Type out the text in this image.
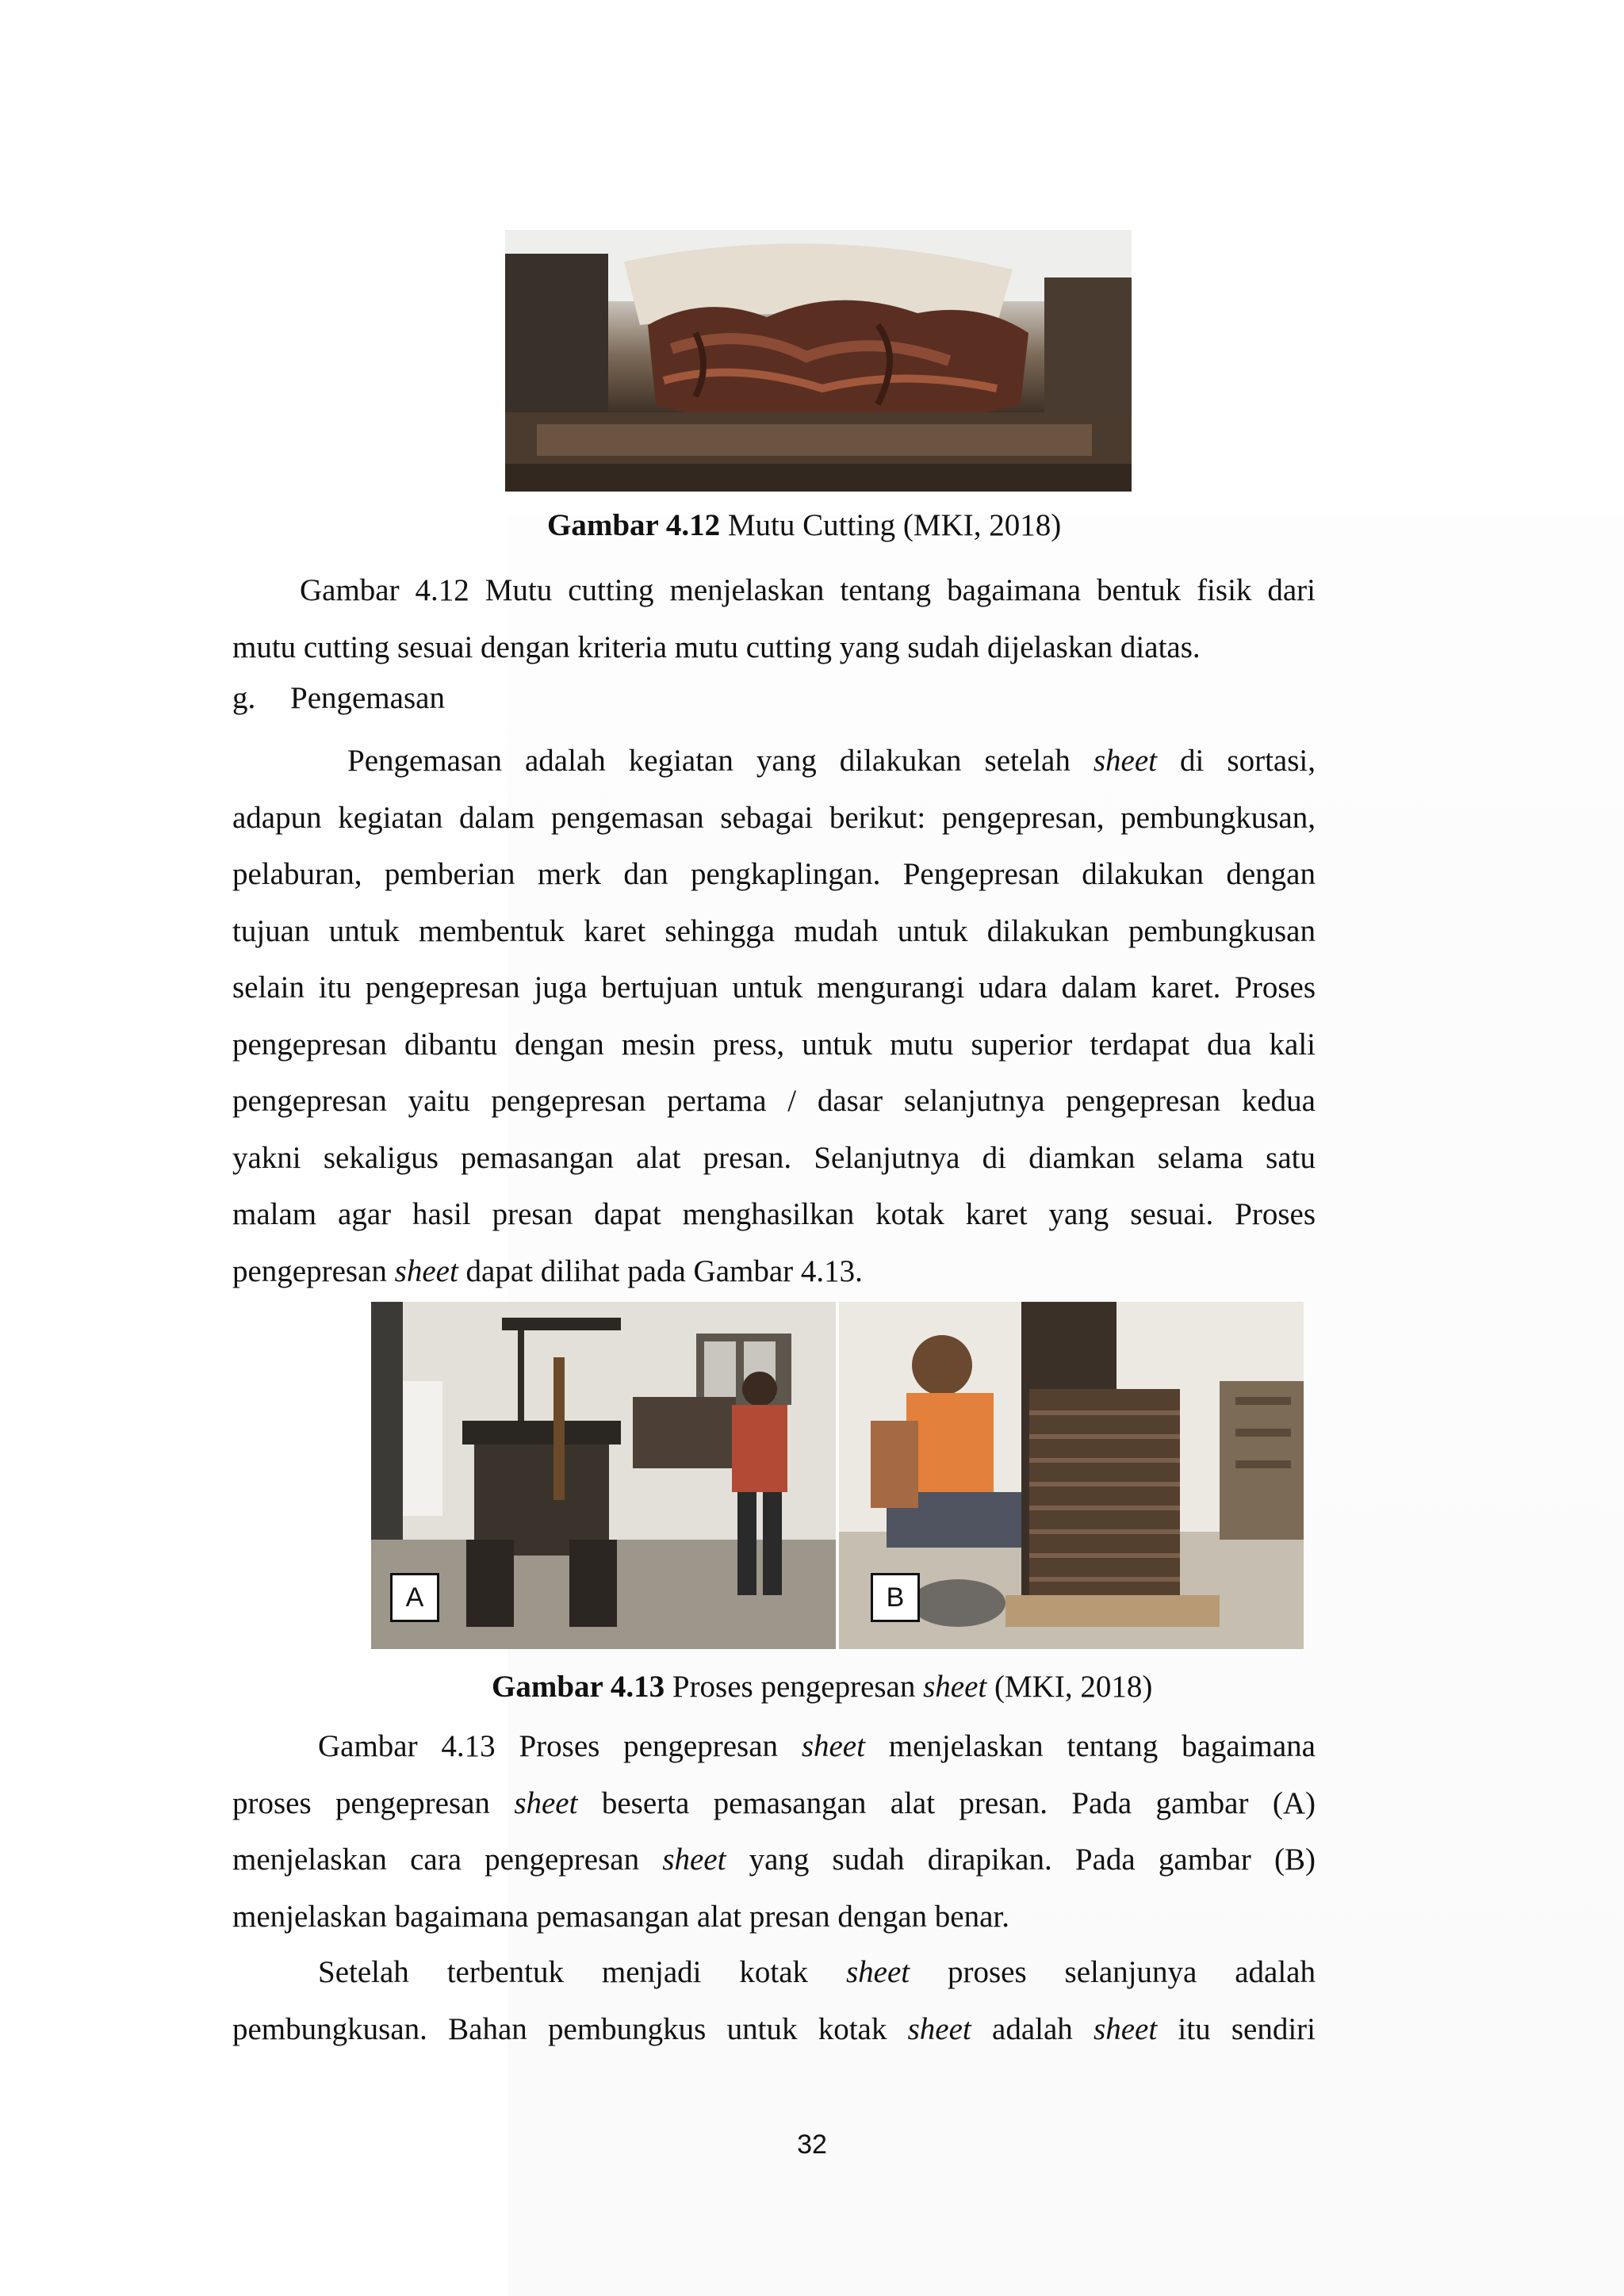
Gambar 4.12 Mutu Cutting (MKI, 2018)
Gambar 4.12 Mutu cutting menjelaskan tentang bagaimana bentuk fisik dari
mutu cutting sesuai dengan kriteria mutu cutting yang sudah dijelaskan diatas.
g. Pengemasan
Pengemasan adalah kegiatan yang dilakukan setelah sheet di sortasi,
adapun kegiatan dalam pengemasan sebagai berikut: pengepresan, pembungkusan,
pelaburan, pemberian merk dan pengkaplingan. Pengepresan dilakukan dengan
tujuan untuk membentuk karet sehingga mudah untuk dilakukan pembungkusan
selain itu pengepresan juga bertujuan untuk mengurangi udara dalam karet. Proses
pengepresan dibantu dengan mesin press, untuk mutu superior terdapat dua kali
pengepresan yaitu pengepresan pertama / dasar selanjutnya pengepresan kedua
yakni sekaligus pemasangan alat presan. Selanjutnya di diamkan selama satu
malam agar hasil presan dapat menghasilkan kotak karet yang sesuai. Proses
pengepresan sheet dapat dilihat pada Gambar 4.13.
A	B
Gambar 4.13 Proses pengepresan sheet (MKI, 2018)
Gambar 4.13 Proses pengepresan sheet menjelaskan tentang bagaimana
proses pengepresan sheet beserta pemasangan alat presan. Pada gambar (A)
menjelaskan cara pengepresan sheet yang sudah dirapikan. Pada gambar (B)
menjelaskan bagaimana pemasangan alat presan dengan benar.
Setelah terbentuk menjadi kotak sheet proses selanjunya adalah
pembungkusan. Bahan pembungkus untuk kotak sheet adalah sheet itu sendiri
32
